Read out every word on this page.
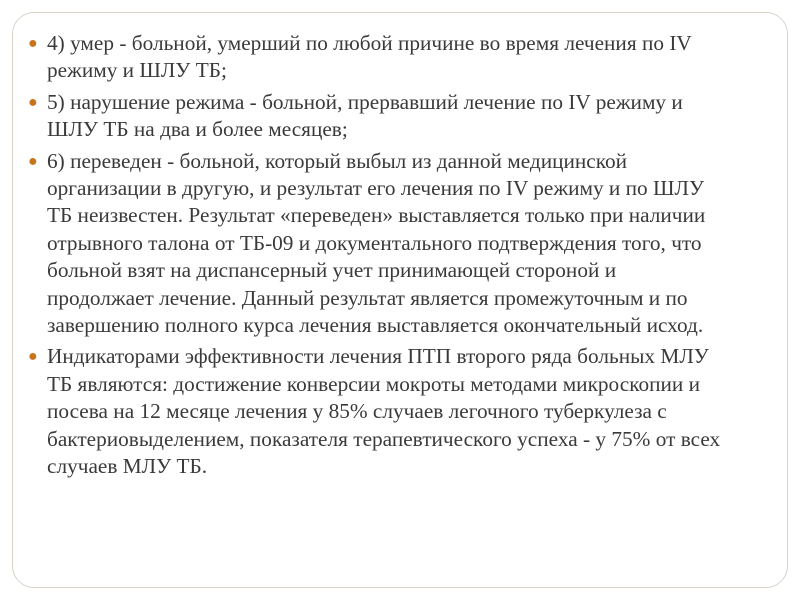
● 4) умер - больной, умерший по любой причине во время лечения по IV режиму и ШЛУ ТБ;
● 5) нарушение режима - больной, прервавший лечение по IV режиму и ШЛУ ТБ на два и более месяцев;
● 6) переведен - больной, который выбыл из данной медицинской организации в другую, и результат его лечения по IV режиму и по ШЛУ ТБ неизвестен. Результат «переведен» выставляется только при наличии отрывного талона от ТБ-09 и документального подтверждения того, что больной взят на диспансерный учет принимающей стороной и продолжает лечение. Данный результат является промежуточным и по завершению полного курса лечения выставляется окончательный исход.
● Индикаторами эффективности лечения ПТП второго ряда больных МЛУ ТБ являются: достижение конверсии мокроты методами микроскопии и посева на 12 месяце лечения у 85% случаев легочного туберкулеза с бактериовыделением, показателя терапевтического успеха - у 75% от всех случаев МЛУ ТБ.
